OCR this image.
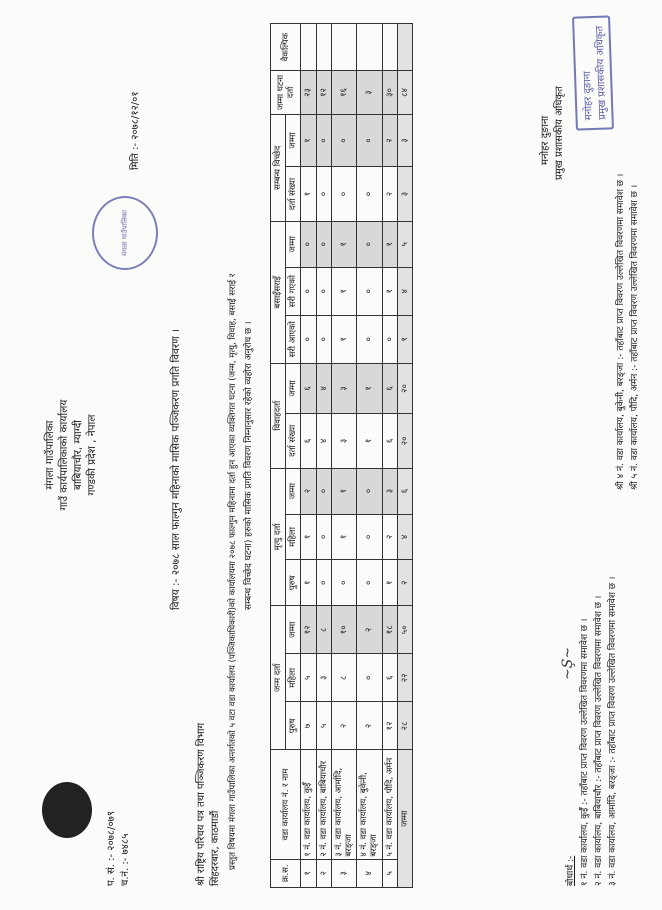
मंगला गाउँपालिका
मंगला गाउँपालिका गाउँ कार्यपालिकाको कार्यालय बाबियाचौर, म्याग्दी गण्डकी प्रदेश , नेपाल
प. सं. :- २०७८/०७९ च.नं. :- ७४८५
मिति :- २०७८/१२/०१
विषय :- २०७८ साल फाल्गुन महिनाको मासिक पञ्जिकरण प्रगति विवरण ।
श्री राष्ट्रिय परिचय पत्र तथा पञ्जिकरण विभाग सिंहदरबार, काठमाडौं प्रस्तुत विषयमा मंगला गाउँपालिका अन्तर्गतको ५ वटा वडा कार्यालय (पञ्जिकाधिकारी)को कार्यालयमा २०७८ फाल्गुन महिनामा दर्ता हुन आएका व्यक्तिगत घटना (जन्म, मृत्यु, विवाह, बसाईं सराई र सम्बन्ध विच्छेद घटना) हरुको मासिक प्रगति विवरण निम्नानुसार रहेको व्यहोरा अनुरोध छ ।
क्र.स.	वडा कार्यालय नं. र नाम	जन्म दर्ता			मृत्यु दर्ता			विवाहदर्ता		बसाइँसराइँ			सम्बन्ध विच्छेद		जम्मा घटना दर्ता	वैकल्पिक
		पुरुष	महिला	जम्मा	पुरुष	महिला	जम्मा	दर्ता संख्या	जम्मा	सरी आएको	सरी गएको	जम्मा	दर्ता संख्या	जम्मा		
१	१ नं. वडा कार्यालय, कुईँ	७	५	१२	१	१	२	६	६	०	०	०	१	१	२३	
२	२ नं. वडा कार्यालय, बाबियाचौर	५	३	८	०	०	०	४	४	०	०	०	०	०	१२	
३	३ नं. वडा कार्यालय, आर्मादि, बरङ्जा	२	८	१०	०	१	१	३	३	१	१	१	०	०	१६	
४	४ नं. वडा कार्यालय, बुकेनी, बरङ्जा	२	०	२	०	०	०	१	१	०	०	०	०	०	३	
५	५ नं. वडा कार्यालय, पौदि, अर्मन	१२	६	१८	१	२	३	६	६	०	१	१	२	२	३०	
जम्मा		२८	२२	५०	२	४	६	२०	२०	१	४	५	३	३	८४	
~Ş~
मनोहर दुङाना प्रमुख प्रशासकीय अधिकृत	मनोहर दुङाना प्रमुख प्रशासकीय अधिकृत
बोधार्थ :- १ नं. वडा कार्यालय, कुईँ :- तहाँबाट प्राप्त विवरण उल्लेखित विवरणमा समावेश छ । २ नं. वडा कार्यालय, बाबियाचौर :- तहाँबाट प्राप्त विवरण उल्लेखित विवरणमा समावेश छ । ३ नं. वडा कार्यालय, आर्मादि, बरङ्जा :- तहाँबाट प्राप्त विवरण उल्लेखित विवरणमा समावेश छ ।
श्री ४ नं. वडा कार्यालय, बुकेनी, बरङ्जा :- तहाँबाट प्राप्त विवरण उल्लेखित विवरणमा समावेश छ । श्री ५ नं. वडा कार्यालय, पौदि, अर्मन :- तहाँबाट प्राप्त विवरण उल्लेखित विवरणमा समावेश छ ।
